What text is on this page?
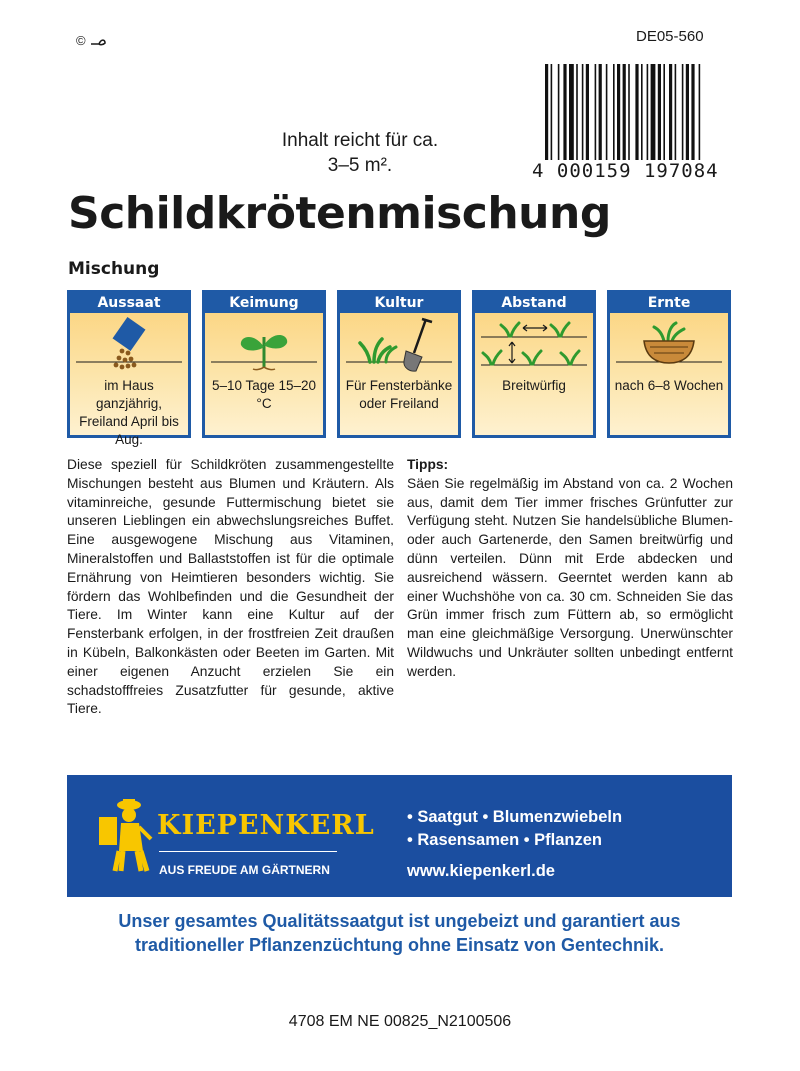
©	DE05-560
4 000159 197084
Inhalt reicht für ca. 3–5 m².
Schildkrötenmischung
Mischung
Aussaat
im Haus ganzjährig, Freiland April bis Aug.
Keimung
5–10 Tage 15–20 °C
Kultur
Für Fensterbänke oder Freiland
Abstand
Breitwürfig
Ernte
nach 6–8 Wochen
Diese speziell für Schildkröten zusammengestellte Mischungen besteht aus Blumen und Kräutern. Als vitaminreiche, gesunde Futtermischung bietet sie unseren Lieblingen ein abwechslungsreiches Buffet. Eine ausgewogene Mischung aus Vitaminen, Mineralstoffen und Ballaststoffen ist für die optimale Ernährung von Heimtieren besonders wichtig. Sie fördern das Wohlbefinden und die Gesundheit der Tiere. Im Winter kann eine Kultur auf der Fensterbank erfolgen, in der frostfreien Zeit draußen in Kübeln, Balkonkästen oder Beeten im Garten. Mit einer eigenen Anzucht erzielen Sie ein schadstofffreies Zusatzfutter für gesunde, aktive Tiere.
Tipps:
Säen Sie regelmäßig im Abstand von ca. 2 Wochen aus, damit dem Tier immer frisches Grünfutter zur Verfügung steht. Nutzen Sie handelsübliche Blumen- oder auch Gartenerde, den Samen breitwürfig und dünn verteilen. Dünn mit Erde abdecken und ausreichend wässern. Geerntet werden kann ab einer Wuchshöhe von ca. 30 cm. Schneiden Sie das Grün immer frisch zum Füttern ab, so ermöglicht man eine gleichmäßige Versorgung. Unerwünschter Wildwuchs und Unkräuter sollten unbedingt entfernt werden.
KIEPENKERL
AUS FREUDE AM GÄRTNERN
• Saatgut • Blumenzwiebeln
• Rasensamen • Pflanzen
www.kiepenkerl.de
Unser gesamtes Qualitätssaatgut ist ungebeizt und garantiert aus traditioneller Pflanzenzüchtung ohne Einsatz von Gentechnik.
4708 EM NE 00825_N2100506
